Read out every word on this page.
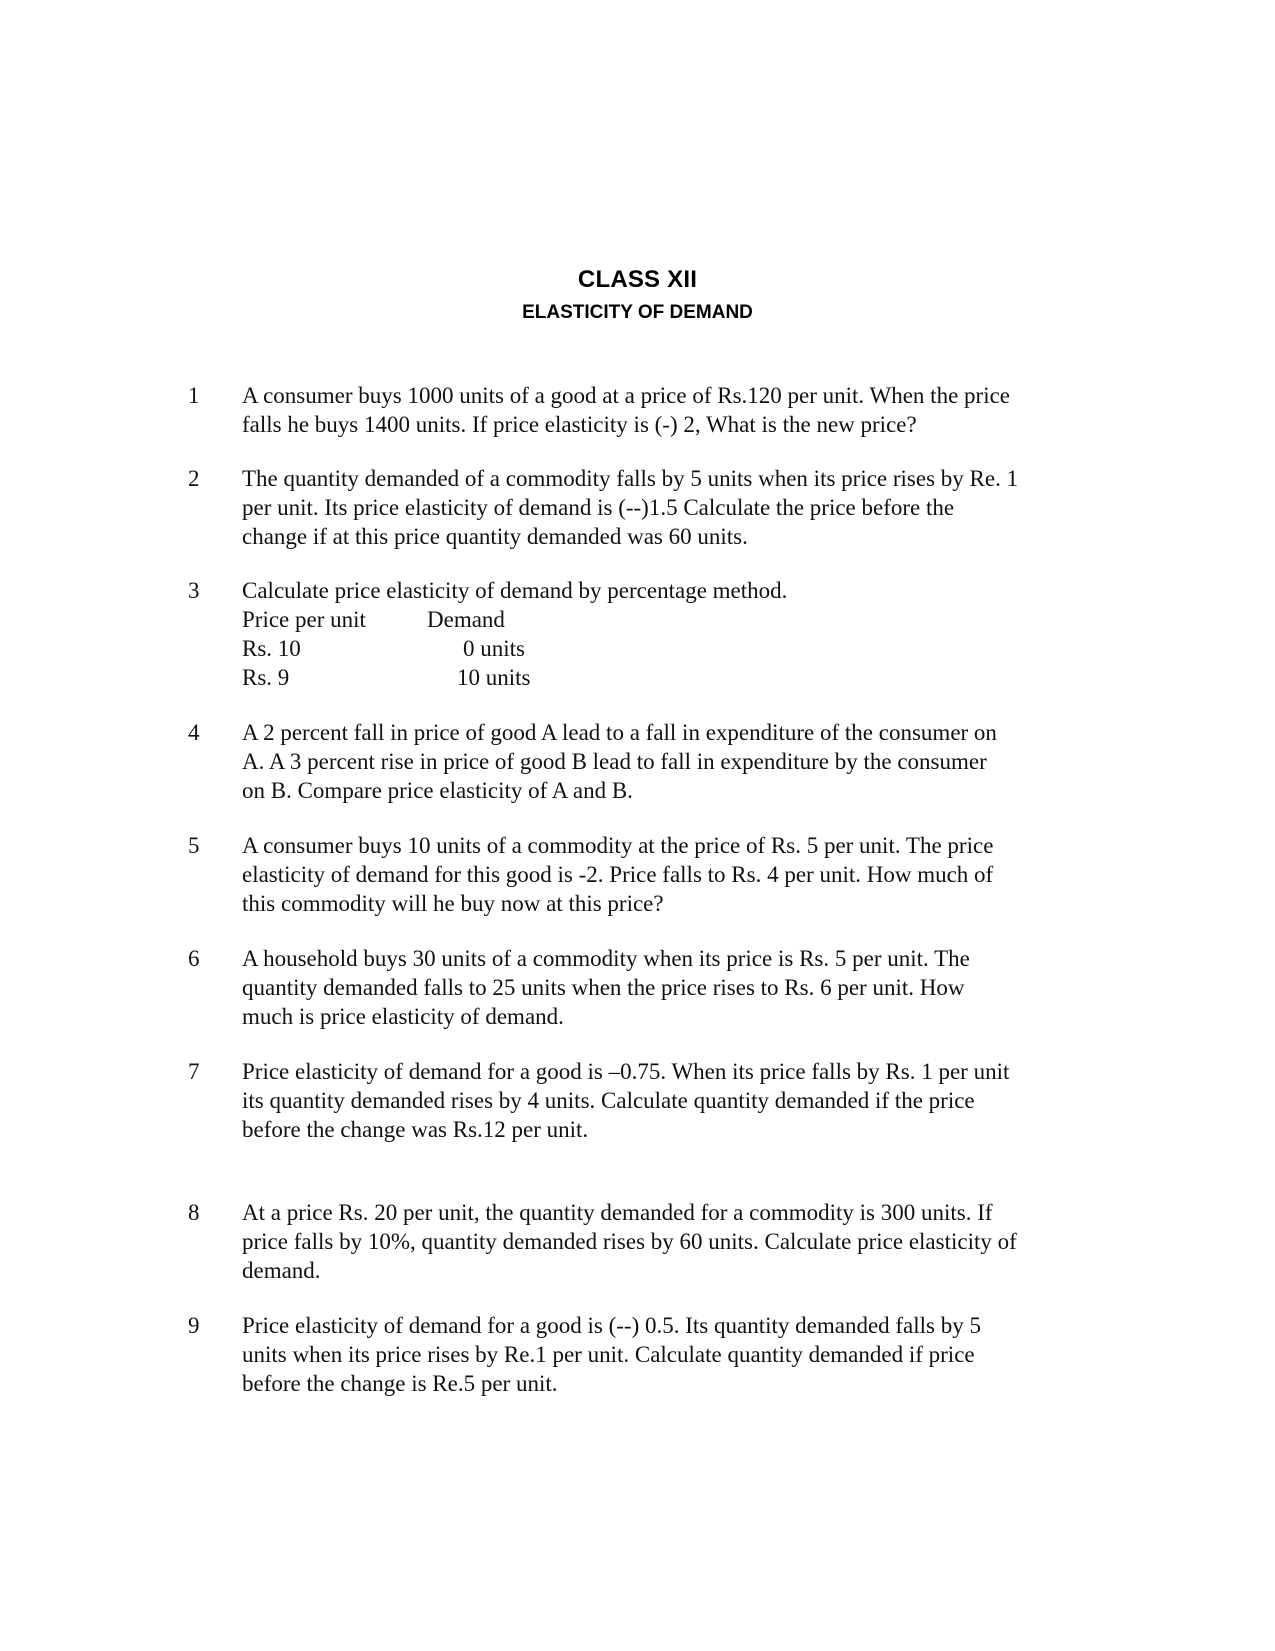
CLASS XII
ELASTICITY OF DEMAND
1 A consumer buys 1000 units of a good at a price of Rs.120 per unit. When the price
falls he buys 1400 units. If price elasticity is (-) 2, What is the new price?
2 The quantity demanded of a commodity falls by 5 units when its price rises by Re. 1
per unit. Its price elasticity of demand is (--)1.5 Calculate the price before the
change if at this price quantity demanded was 60 units.
3 Calculate price elasticity of demand by percentage method.
Price per unit	Demand
Rs. 10	0 units
Rs. 9	10 units
4 A 2 percent fall in price of good A lead to a fall in expenditure of the consumer on
A. A 3 percent rise in price of good B lead to fall in expenditure by the consumer
on B. Compare price elasticity of A and B.
5 A consumer buys 10 units of a commodity at the price of Rs. 5 per unit. The price
elasticity of demand for this good is -2. Price falls to Rs. 4 per unit. How much of
this commodity will he buy now at this price?
6 A household buys 30 units of a commodity when its price is Rs. 5 per unit. The
quantity demanded falls to 25 units when the price rises to Rs. 6 per unit. How
much is price elasticity of demand.
7 Price elasticity of demand for a good is –0.75. When its price falls by Rs. 1 per unit
its quantity demanded rises by 4 units. Calculate quantity demanded if the price
before the change was Rs.12 per unit.
8 At a price Rs. 20 per unit, the quantity demanded for a commodity is 300 units. If
price falls by 10%, quantity demanded rises by 60 units. Calculate price elasticity of
demand.
9 Price elasticity of demand for a good is (--) 0.5. Its quantity demanded falls by 5
units when its price rises by Re.1 per unit. Calculate quantity demanded if price
before the change is Re.5 per unit.
